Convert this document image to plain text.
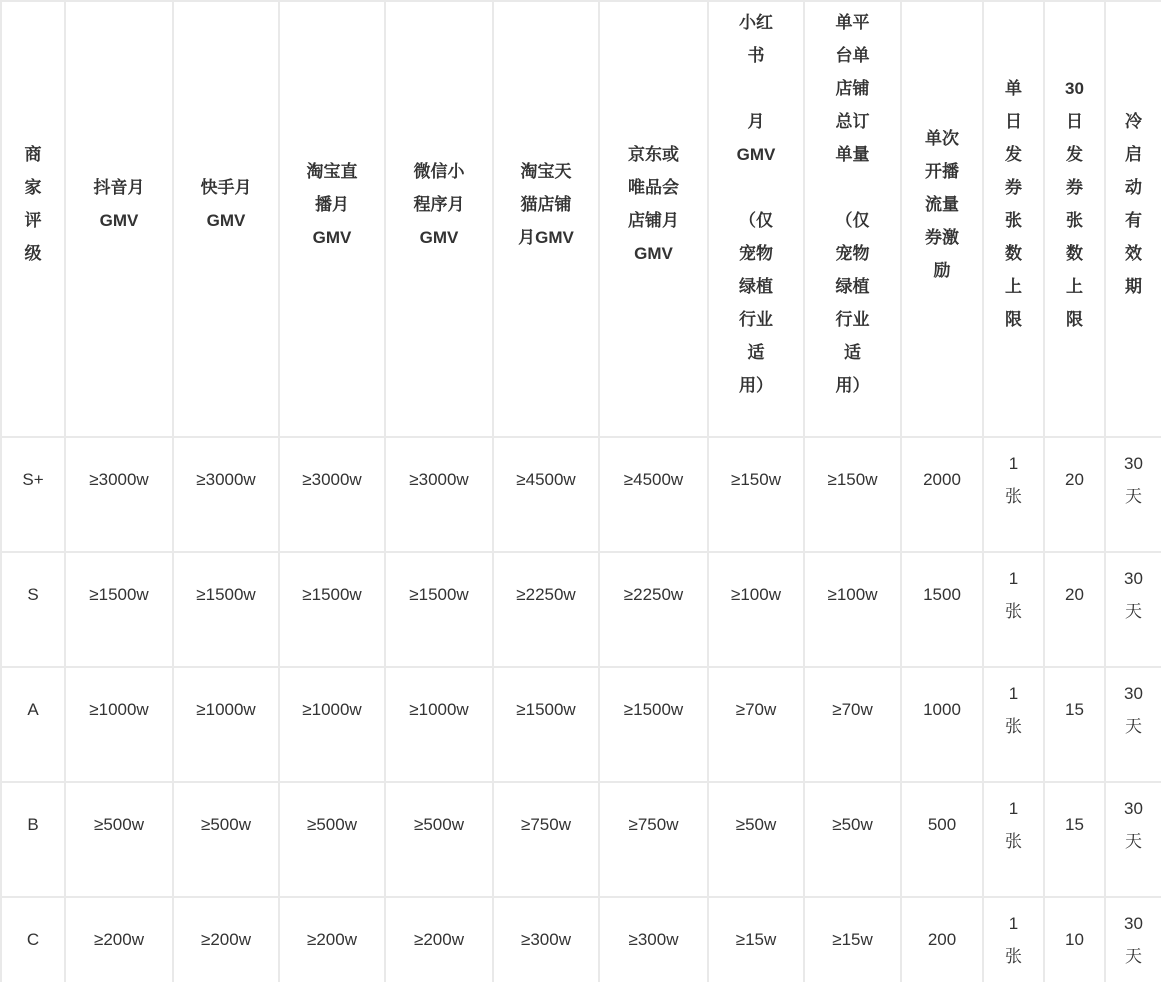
商
家
评
级	抖音月
GMV	快手月
GMV	淘宝直
播月
GMV	微信小
程序月
GMV	淘宝天
猫店铺
月GMV	京东或
唯品会
店铺月
GMV	小红
书

月
GMV

（仅
宠物
绿植
行业
适
用）	单平
台单
店铺
总订
单量

（仅
宠物
绿植
行业
适
用）	单次
开播
流量
券激
励	单
日
发
券
张
数
上
限	30
日
发
券
张
数
上
限	冷
启
动
有
效
期
S+	≥3000w	≥3000w	≥3000w	≥3000w	≥4500w	≥4500w	≥150w	≥150w	2000	1
张	20	30
天
S	≥1500w	≥1500w	≥1500w	≥1500w	≥2250w	≥2250w	≥100w	≥100w	1500	1
张	20	30
天
A	≥1000w	≥1000w	≥1000w	≥1000w	≥1500w	≥1500w	≥70w	≥70w	1000	1
张	15	30
天
B	≥500w	≥500w	≥500w	≥500w	≥750w	≥750w	≥50w	≥50w	500	1
张	15	30
天
C	≥200w	≥200w	≥200w	≥200w	≥300w	≥300w	≥15w	≥15w	200	1
张	10	30
天
